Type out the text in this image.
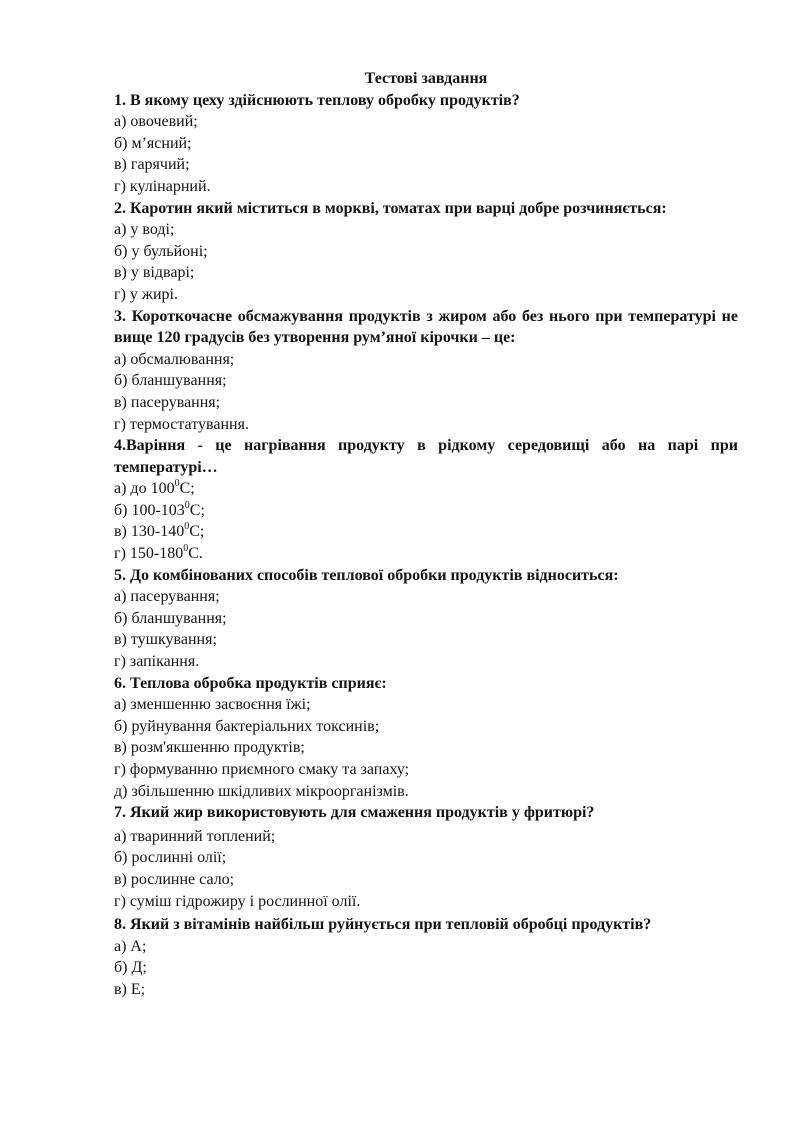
Тестові завдання

1. В якому цеху здійснюють теплову обробку продуктів?

а) овочевий;
б) м’ясний;
в) гарячий;
г) кулінарний.

2. Каротин який міститься в моркві, томатах при варці добре розчиняється:

а) у воді;
б) у бульйоні;
в) у відварі;
г) у жирі.

3. Короткочасне обсмажування продуктів з жиром або без нього при температурі не вище 120 градусів без утворення рум’яної кірочки – це:

а) обсмалювання;
б) бланшування;
в) пасерування;
г) термостатування.

4.Варіння - це нагрівання продукту в рідкому середовищі або на парі при температурі…

а) до $100^0С$;
б) $100-103^0С$;
в) $130-140^0С$;
г) $150-180^0С$.

5. До комбінованих способів теплової обробки продуктів відноситься:

а) пасерування;
б) бланшування;
в) тушкування;
г) запікання.

6. Теплова обробка продуктів сприяє:

а) зменшенню засвоєння їжі;
б) руйнування бактеріальних токсинів;
в) розм'якшенню продуктів;
г) формуванню приємного смаку та запаху;
д) збільшенню шкідливих мікроорганізмів.

7. Який жир використовують для смаження продуктів у фритюрі?

а) тваринний топлений;
б) рослинні олії;
в) рослинне сало;
г) суміш гідрожиру і рослинної олії.

8. Який з вітамінів найбільш руйнується при тепловій обробці продуктів?

а) А;
б) Д;
в) Е;
